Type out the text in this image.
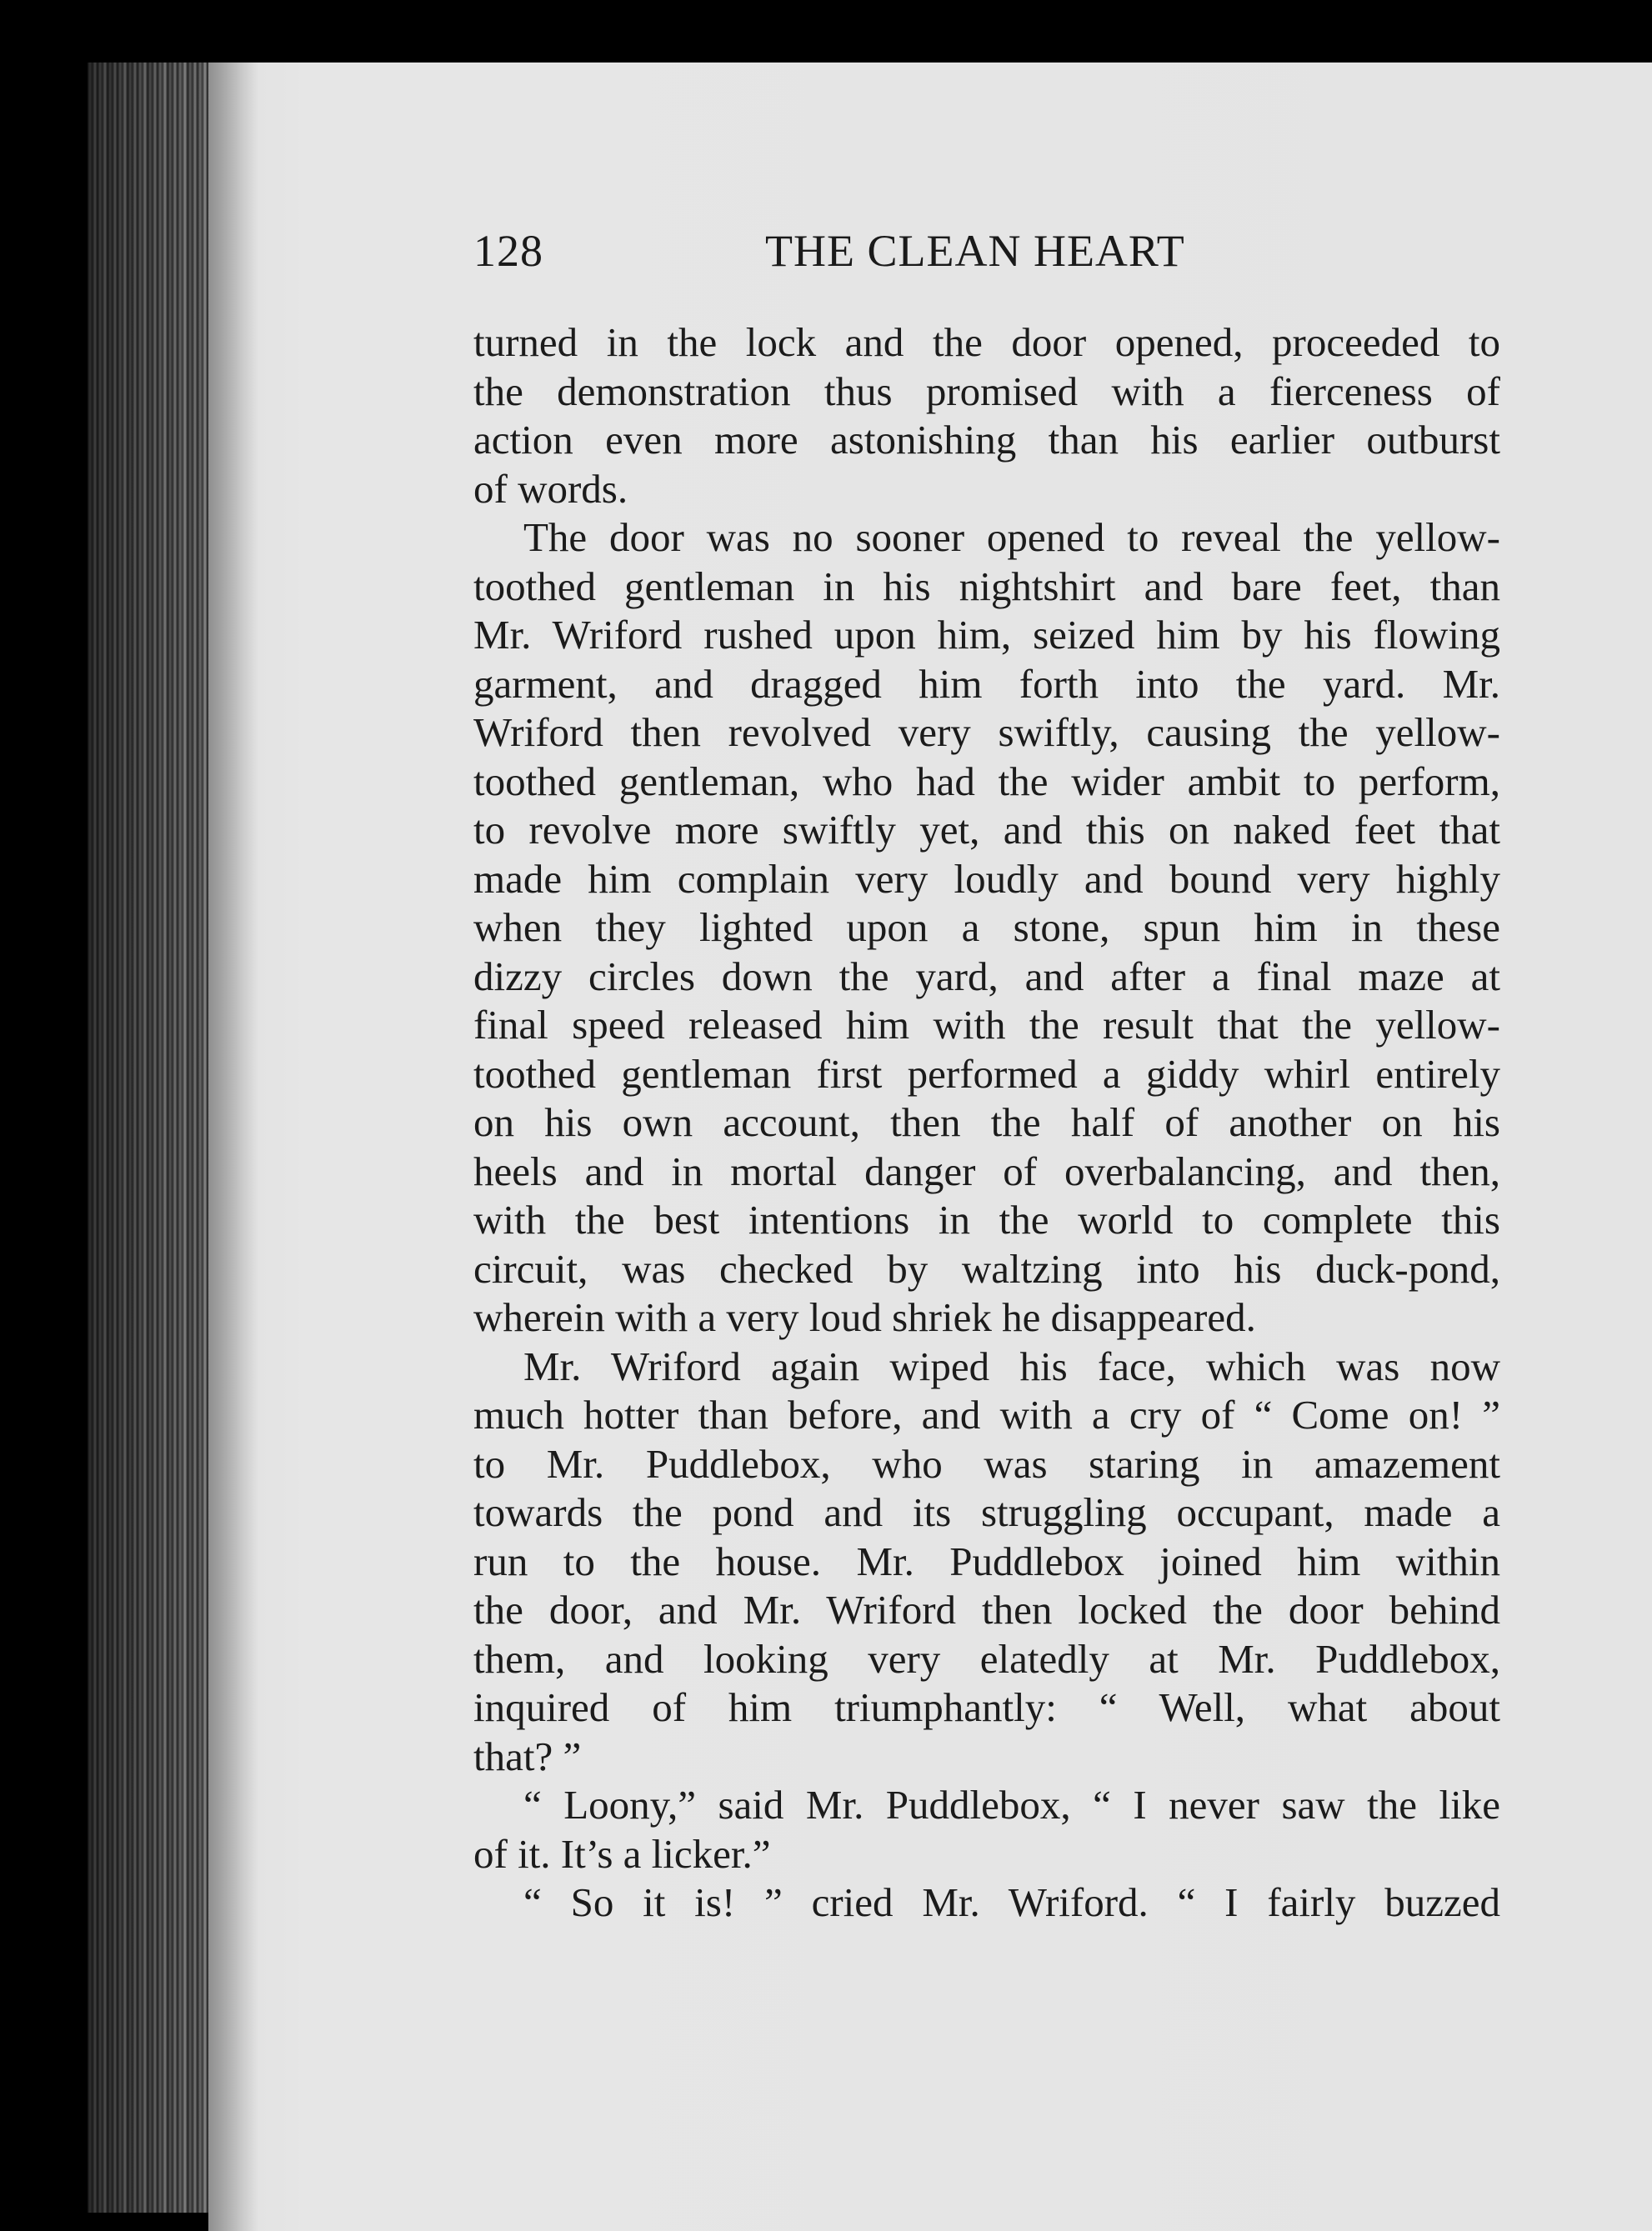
128	THE CLEAN HEART

turned in the lock and the door opened, proceeded to
the demonstration thus promised with a fierceness of
action even more astonishing than his earlier outburst
of words.

The door was no sooner opened to reveal the yellow-
toothed gentleman in his nightshirt and bare feet, than
Mr. Wriford rushed upon him, seized him by his flowing
garment, and dragged him forth into the yard. Mr.
Wriford then revolved very swiftly, causing the yellow-
toothed gentleman, who had the wider ambit to perform,
to revolve more swiftly yet, and this on naked feet that
made him complain very loudly and bound very highly
when they lighted upon a stone, spun him in these
dizzy circles down the yard, and after a final maze at
final speed released him with the result that the yellow-
toothed gentleman first performed a giddy whirl entirely
on his own account, then the half of another on his
heels and in mortal danger of overbalancing, and then,
with the best intentions in the world to complete this
circuit, was checked by waltzing into his duck-pond,
wherein with a very loud shriek he disappeared.

Mr. Wriford again wiped his face, which was now
much hotter than before, and with a cry of “ Come on! ”
to Mr. Puddlebox, who was staring in amazement
towards the pond and its struggling occupant, made a
run to the house. Mr. Puddlebox joined him within
the door, and Mr. Wriford then locked the door behind
them, and looking very elatedly at Mr. Puddlebox,
inquired of him triumphantly: “ Well, what about
that? ”

“ Loony,” said Mr. Puddlebox, “ I never saw the like
of it. It’s a licker.”

“ So it is! ” cried Mr. Wriford. “ I fairly buzzed
